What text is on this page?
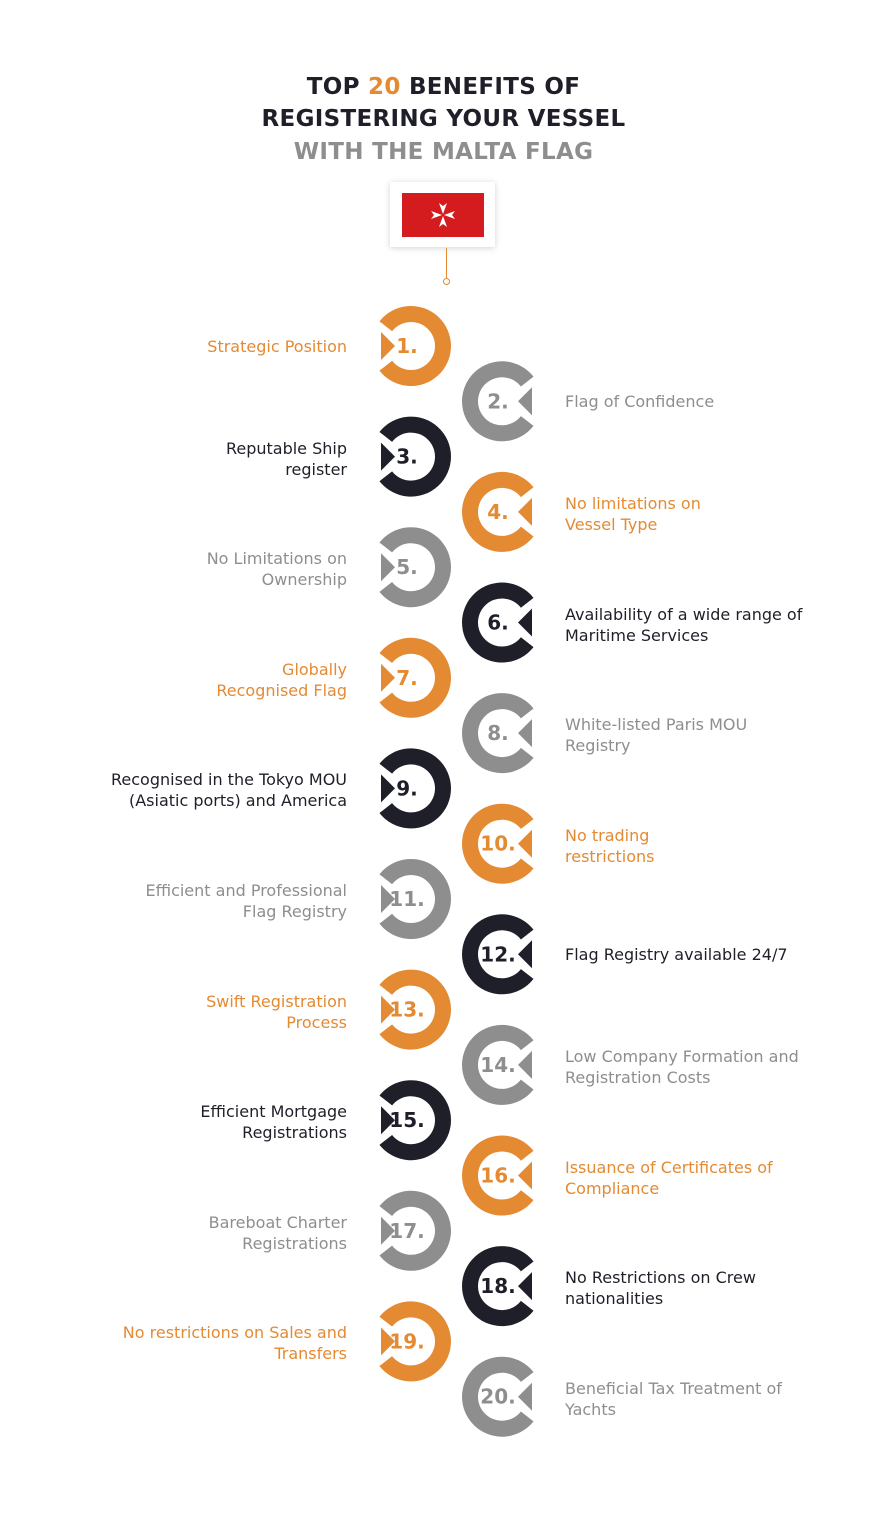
TOP 20 BENEFITS OF
REGISTERING YOUR VESSEL
WITH THE MALTA FLAG
1.
2.
3.
4.
5.
6.
7.
8.
9.
10.
11.
12.
13.
14.
15.
16.
17.
18.
19.
20.

Strategic Position

Flag of Confidence

Reputable Ship
register

No limitations on
Vessel Type

No Limitations on
Ownership

Availability of a wide range of
Maritime Services

Globally
Recognised Flag

White-listed Paris MOU
Registry

Recognised in the Tokyo MOU
(Asiatic ports) and America

No trading
restrictions

Efficient and Professional
Flag Registry

Flag Registry available 24/7

Swift Registration
Process

Low Company Formation and
Registration Costs

Efficient Mortgage
Registrations

Issuance of Certificates of
Compliance

Bareboat Charter
Registrations

No Restrictions on Crew
nationalities

No restrictions on Sales and
Transfers

Beneficial Tax Treatment of
Yachts
